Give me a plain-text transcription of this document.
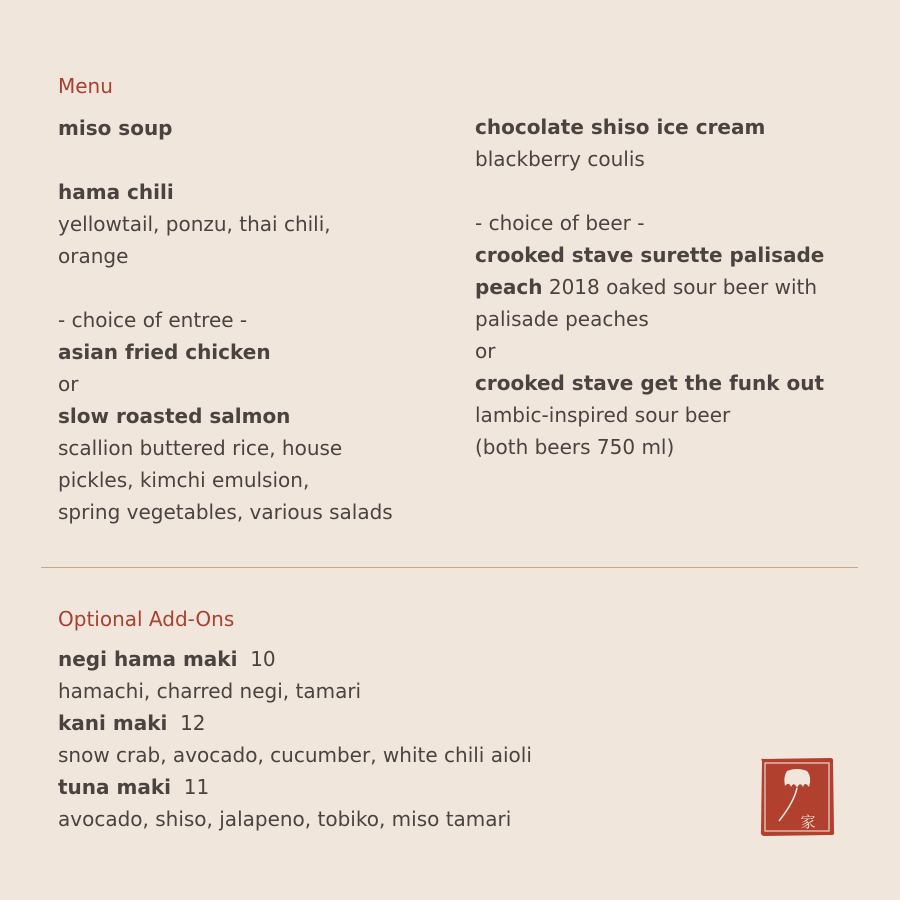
Menu
miso soup
hama chili
yellowtail, ponzu, thai chili,
orange
- choice of entree -
asian fried chicken
or
slow roasted salmon
scallion buttered rice, house
pickles, kimchi emulsion,
spring vegetables, various salads
chocolate shiso ice cream
blackberry coulis
- choice of beer -
crooked stave surette palisade
peach 2018 oaked sour beer with
palisade peaches
or
crooked stave get the funk out
lambic-inspired sour beer
(both beers 750 ml)
Optional Add-Ons
negi hama maki 10
hamachi, charred negi, tamari
kani maki 12
snow crab, avocado, cucumber, white chili aioli
tuna maki 11
avocado, shiso, jalapeno, tobiko, miso tamari	家
